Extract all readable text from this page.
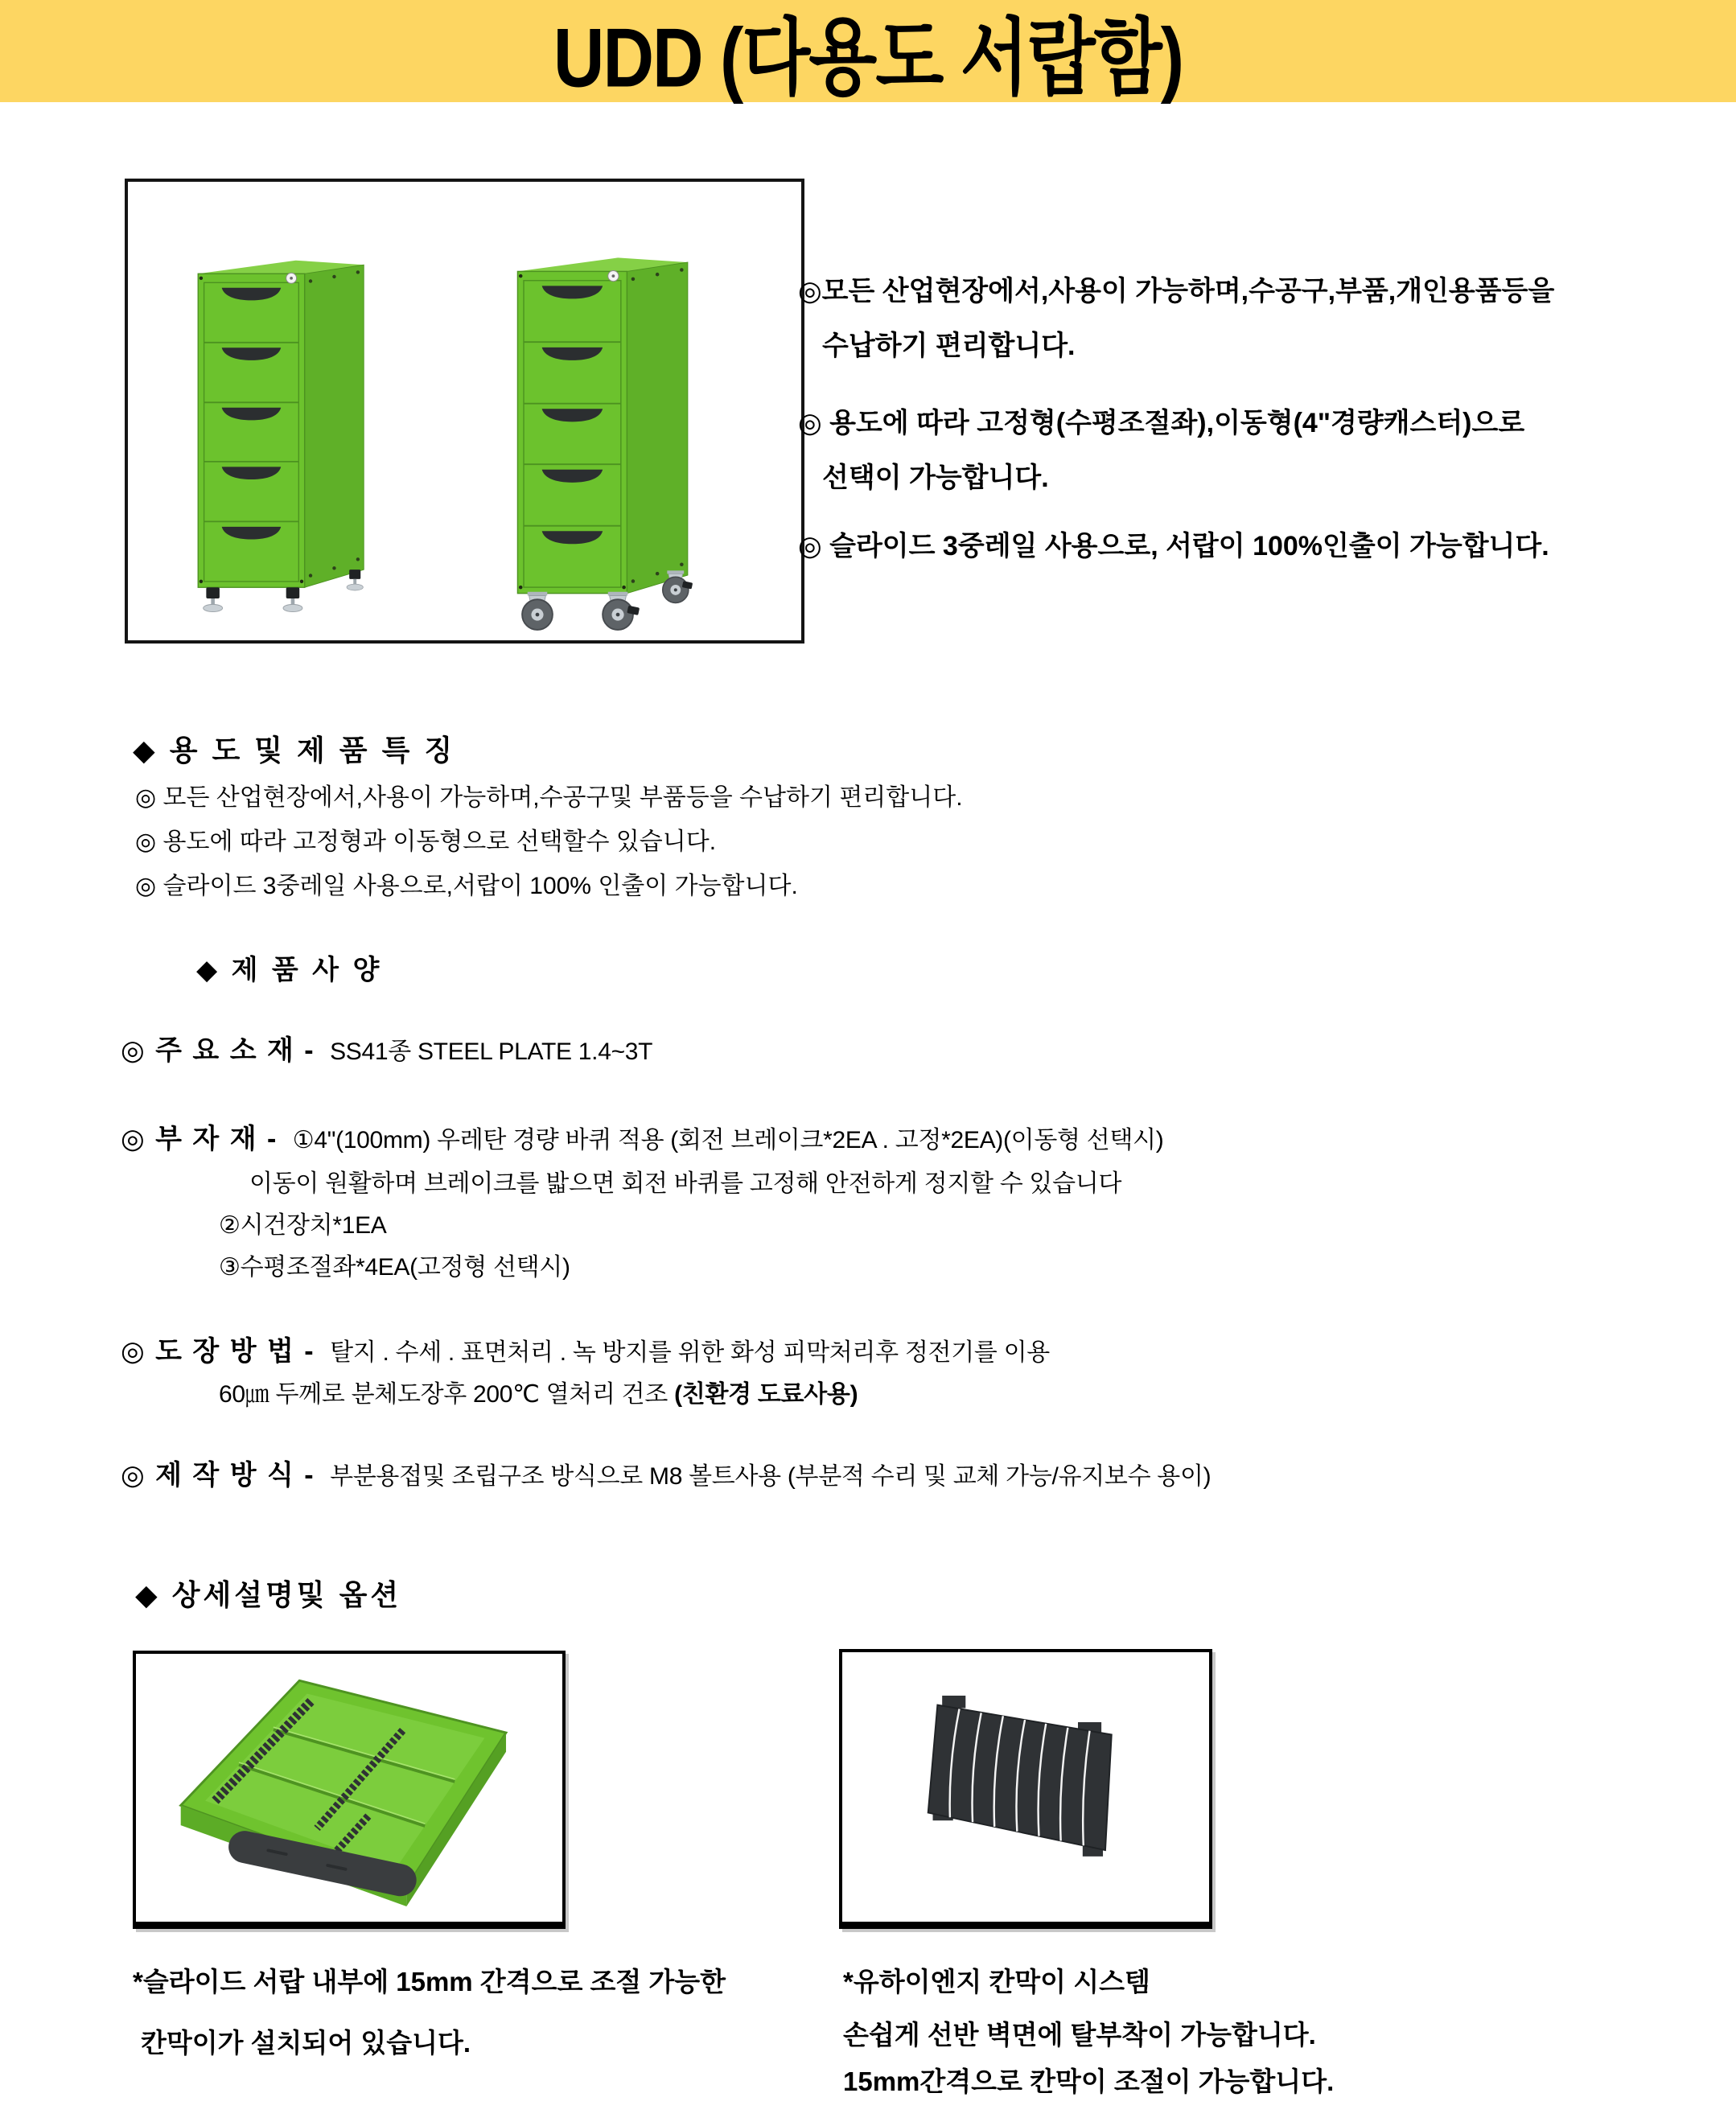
UDD (다용도 서랍함)
◎모든 산업현장에서,사용이 가능하며,수공구,부품,개인용품등을
수납하기 편리합니다.
◎ 용도에 따라 고정형(수평조절좌),이동형(4"경량캐스터)으로
선택이 가능합니다.
◎ 슬라이드 3중레일 사용으로, 서랍이 100%인출이 가능합니다.
◆ 용 도 및 제 품 특 징
◎ 모든 산업현장에서,사용이 가능하며,수공구및 부품등을 수납하기 편리합니다.
◎ 용도에 따라 고정형과 이동형으로 선택할수 있습니다.
◎ 슬라이드 3중레일 사용으로,서랍이 100% 인출이 가능합니다.
◆ 제 품 사 양
◎ 주 요 소 재 - SS41종 STEEL PLATE 1.4~3T
◎ 부 자 재 - ①4"(100mm) 우레탄 경량 바퀴 적용 (회전 브레이크*2EA . 고정*2EA)(이동형 선택시)
이동이 원활하며 브레이크를 밟으면 회전 바퀴를 고정해 안전하게 정지할 수 있습니다
②시건장치*1EA
③수평조절좌*4EA(고정형 선택시)
◎ 도 장 방 법 - 탈지 . 수세 . 표면처리 . 녹 방지를 위한 화성 피막처리후 정전기를 이용
60㎛ 두께로 분체도장후 200℃ 열처리 건조 (친환경 도료사용)
◎ 제 작 방 식 - 부분용접및 조립구조 방식으로 M8 볼트사용 (부분적 수리 및 교체 가능/유지보수 용이)
◆ 상세설명및 옵션
*슬라이드 서랍 내부에 15mm 간격으로 조절 가능한
칸막이가 설치되어 있습니다.
*유하이엔지 칸막이 시스템
손쉽게 선반 벽면에 탈부착이 가능합니다.
15mm간격으로 칸막이 조절이 가능합니다.
